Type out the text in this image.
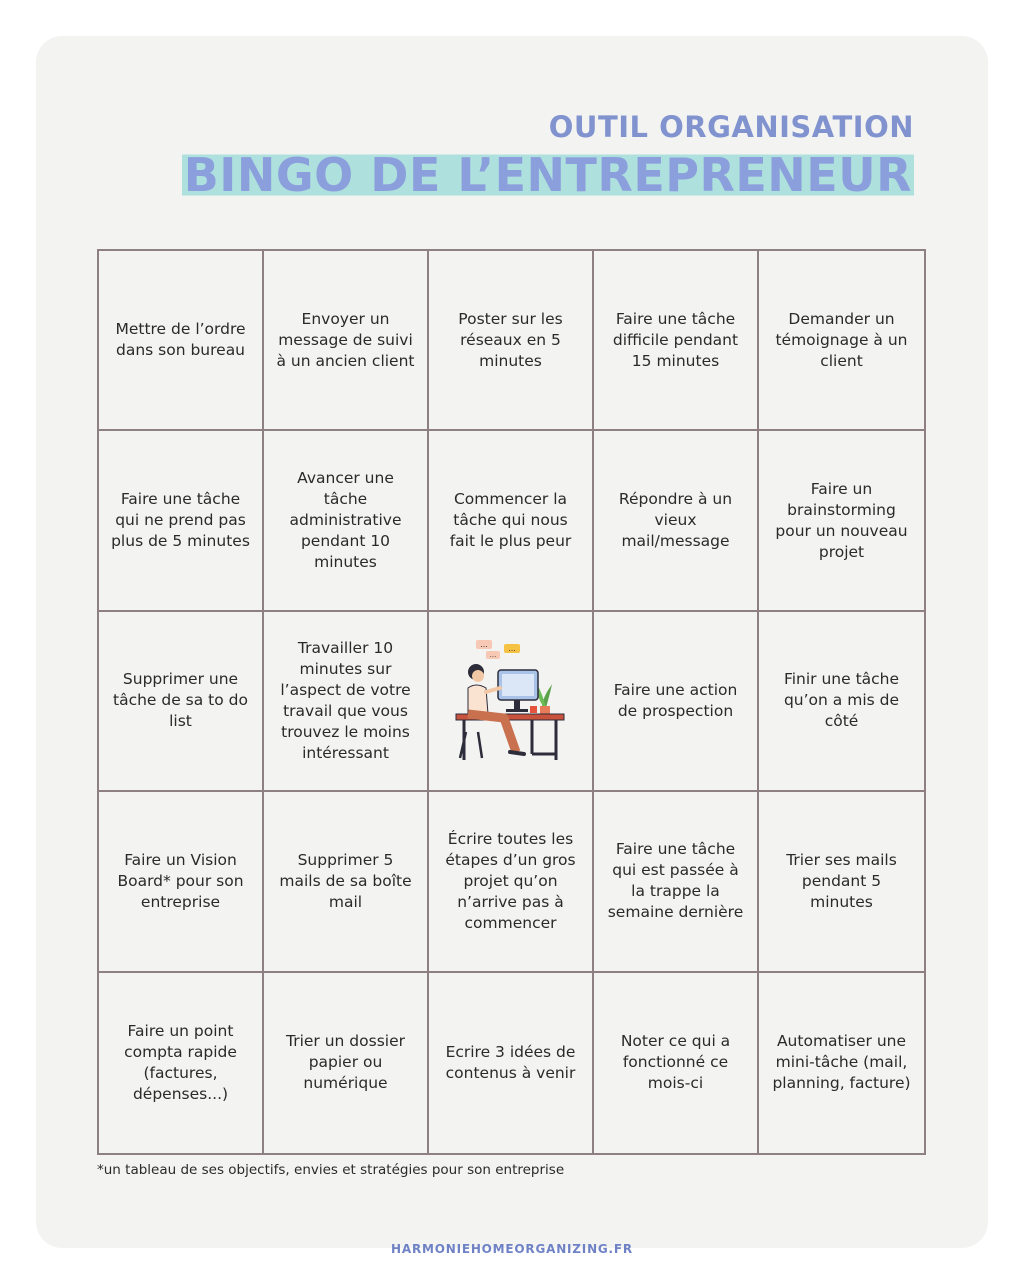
OUTIL ORGANISATION
BINGO DE L’ENTREPRENEUR
Mettre de l’ordre dans son bureau
Envoyer un message de suivi à un ancien client
Poster sur les réseaux en 5 minutes
Faire une tâche difficile pendant 15 minutes
Demander un témoignage à un client
Faire une tâche qui ne prend pas plus de 5 minutes
Avancer une tâche administrative pendant 10 minutes
Commencer la tâche qui nous fait le plus peur
Répondre à un vieux mail/message
Faire un brainstorming pour un nouveau projet
Supprimer une tâche de sa to do list
Travailler 10 minutes sur l’aspect de votre travail que vous trouvez le moins intéressant
...
...
...
Faire une action de prospection
Finir une tâche qu’on a mis de côté
Faire un Vision Board* pour son entreprise
Supprimer 5 mails de sa boîte mail
Écrire toutes les étapes d’un gros projet qu’on n’arrive pas à commencer
Faire une tâche qui est passée à la trappe la semaine dernière
Trier ses mails pendant 5 minutes
Faire un point compta rapide (factures, dépenses...)
Trier un dossier papier ou numérique
Ecrire 3 idées de contenus à venir
Noter ce qui a fonctionné ce mois-ci
Automatiser une mini-tâche (mail, planning, facture)
*un tableau de ses objectifs, envies et stratégies pour son entreprise
HARMONIEHOMEORGANIZING.FR
